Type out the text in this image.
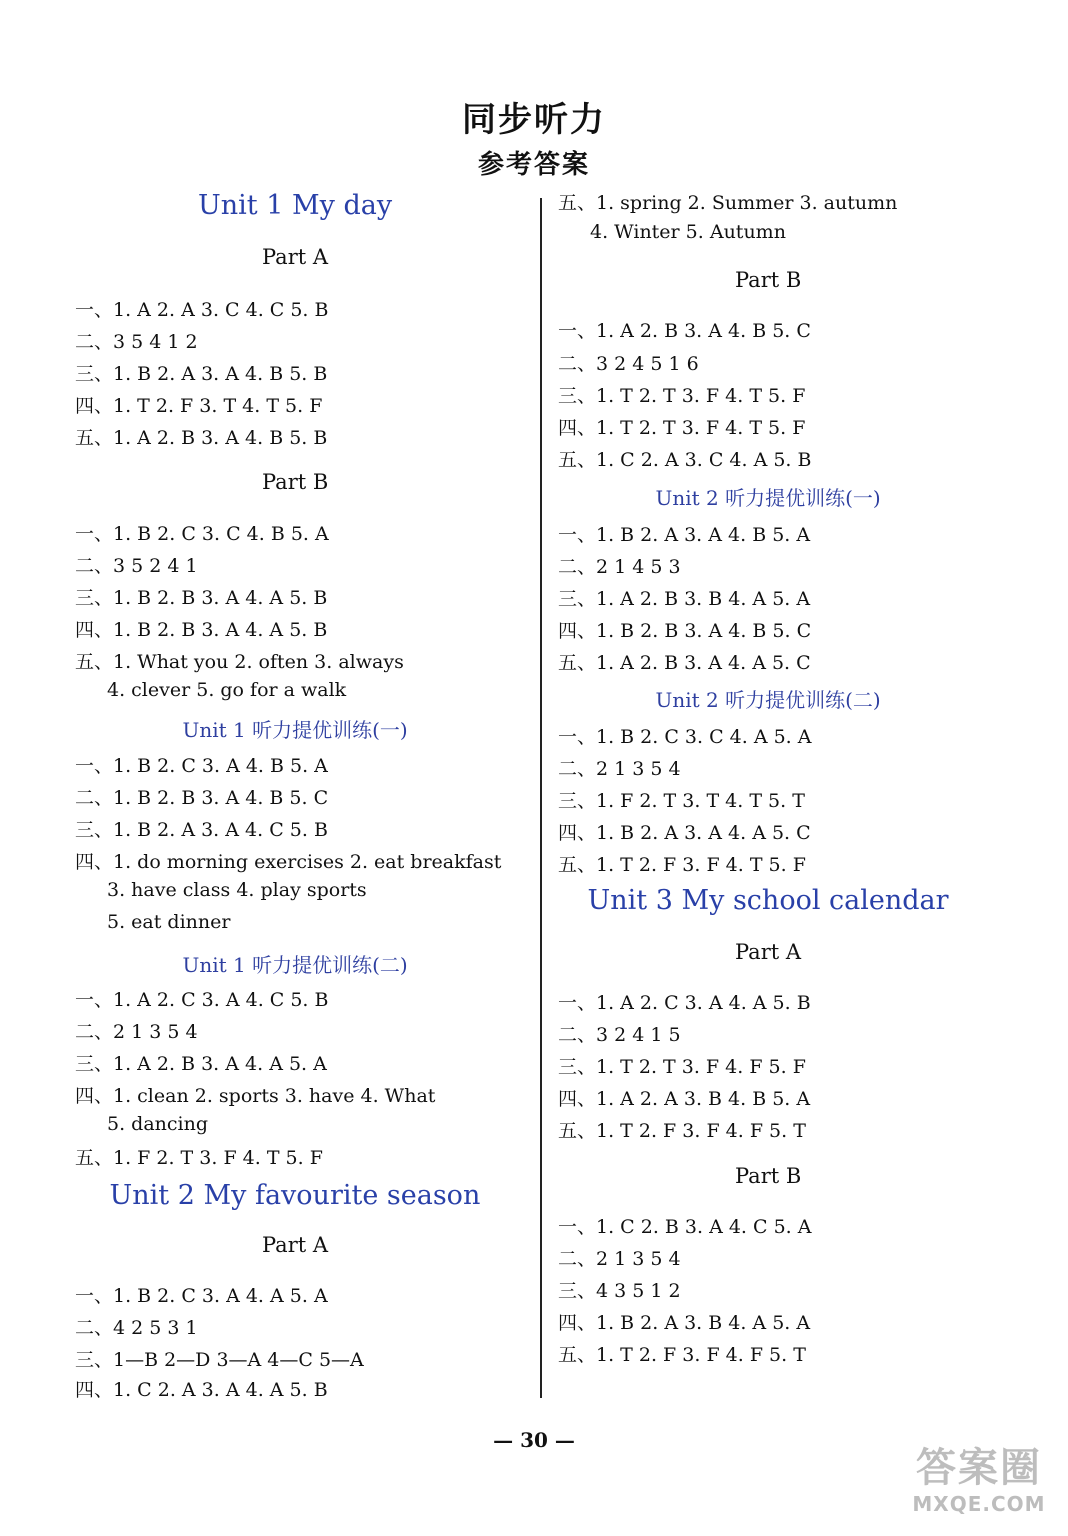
同步听力
参考答案
Unit 1 My day
Part A
一、1. A 2. A 3. C 4. C 5. B
二、3 5 4 1 2
三、1. B 2. A 3. A 4. B 5. B
四、1. T 2. F 3. T 4. T 5. F
五、1. A 2. B 3. A 4. B 5. B
Part B
一、1. B 2. C 3. C 4. B 5. A
二、3 5 2 4 1
三、1. B 2. B 3. A 4. A 5. B
四、1. B 2. B 3. A 4. A 5. B
五、1. What you 2. often 3. always
4. clever 5. go for a walk
Unit 1 听力提优训练(一)
一、1. B 2. C 3. A 4. B 5. A
二、1. B 2. B 3. A 4. B 5. C
三、1. B 2. A 3. A 4. C 5. B
四、1. do morning exercises 2. eat breakfast
3. have class 4. play sports
5. eat dinner
Unit 1 听力提优训练(二)
一、1. A 2. C 3. A 4. C 5. B
二、2 1 3 5 4
三、1. A 2. B 3. A 4. A 5. A
四、1. clean 2. sports 3. have 4. What
5. dancing
五、1. F 2. T 3. F 4. T 5. F
Unit 2 My favourite season
Part A
一、1. B 2. C 3. A 4. A 5. A
二、4 2 5 3 1
三、1—B 2—D 3—A 4—C 5—A
四、1. C 2. A 3. A 4. A 5. B
五、1. spring 2. Summer 3. autumn
4. Winter 5. Autumn
Part B
一、1. A 2. B 3. A 4. B 5. C
二、3 2 4 5 1 6
三、1. T 2. T 3. F 4. T 5. F
四、1. T 2. T 3. F 4. T 5. F
五、1. C 2. A 3. C 4. A 5. B
Unit 2 听力提优训练(一)
一、1. B 2. A 3. A 4. B 5. A
二、2 1 4 5 3
三、1. A 2. B 3. B 4. A 5. A
四、1. B 2. B 3. A 4. B 5. C
五、1. A 2. B 3. A 4. A 5. C
Unit 2 听力提优训练(二)
一、1. B 2. C 3. C 4. A 5. A
二、2 1 3 5 4
三、1. F 2. T 3. T 4. T 5. T
四、1. B 2. A 3. A 4. A 5. C
五、1. T 2. F 3. F 4. T 5. F
Unit 3 My school calendar
Part A
一、1. A 2. C 3. A 4. A 5. B
二、3 2 4 1 5
三、1. T 2. T 3. F 4. F 5. F
四、1. A 2. A 3. B 4. B 5. A
五、1. T 2. F 3. F 4. F 5. T
Part B
一、1. C 2. B 3. A 4. C 5. A
二、2 1 3 5 4
三、4 3 5 1 2
四、1. B 2. A 3. B 4. A 5. A
五、1. T 2. F 3. F 4. F 5. T
— 30 —
答案圈
MXQE.COM
